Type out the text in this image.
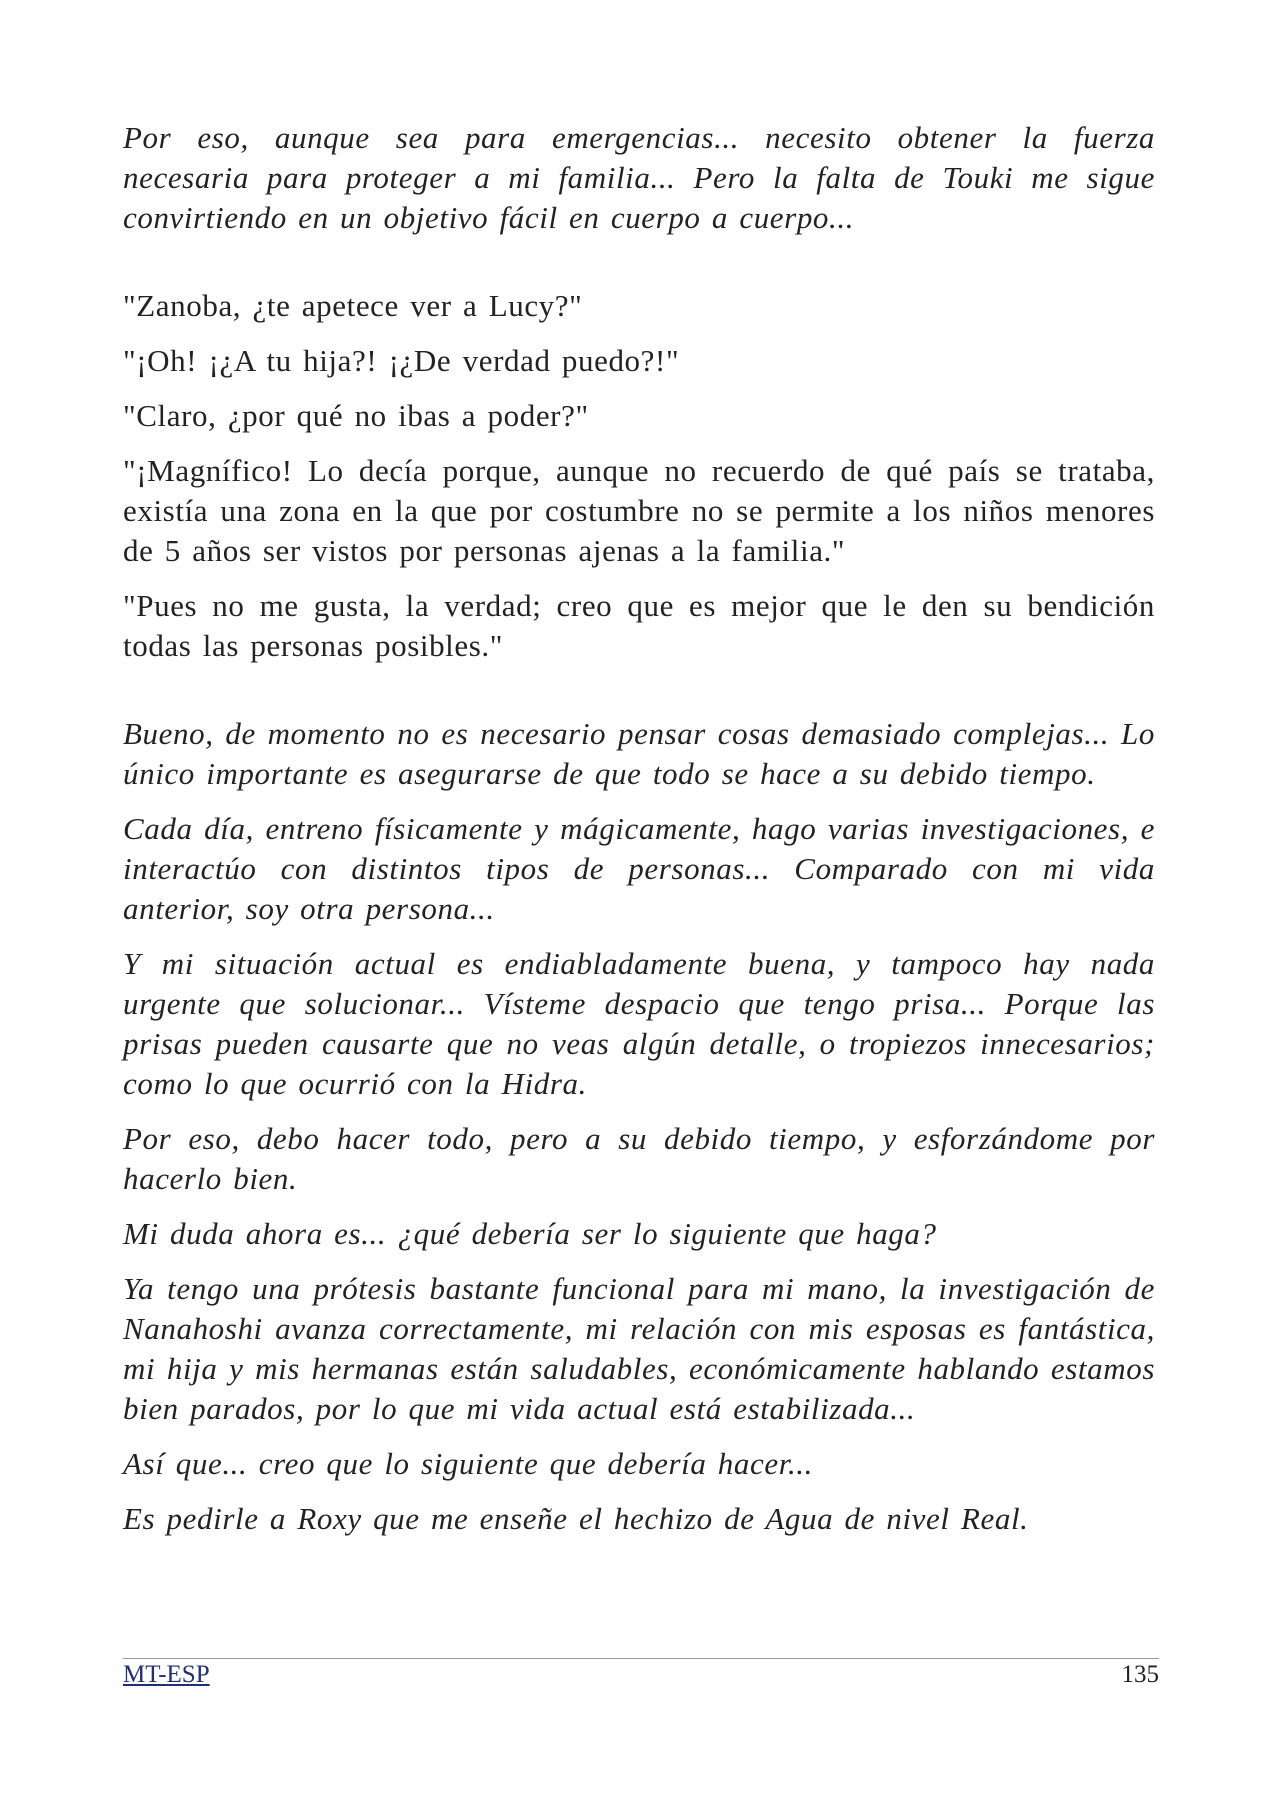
Por eso, aunque sea para emergencias... necesito obtener la fuerza necesaria para proteger a mi familia... Pero la falta de Touki me sigue convirtiendo en un objetivo fácil en cuerpo a cuerpo...

"Zanoba, ¿te apetece ver a Lucy?"

"¡Oh! ¡¿A tu hija?! ¡¿De verdad puedo?!"

"Claro, ¿por qué no ibas a poder?"

"¡Magnífico! Lo decía porque, aunque no recuerdo de qué país se trataba, existía una zona en la que por costumbre no se permite a los niños menores de 5 años ser vistos por personas ajenas a la familia."

"Pues no me gusta, la verdad; creo que es mejor que le den su bendición todas las personas posibles."

Bueno, de momento no es necesario pensar cosas demasiado complejas... Lo único importante es asegurarse de que todo se hace a su debido tiempo.

Cada día, entreno físicamente y mágicamente, hago varias investigaciones, e interactúo con distintos tipos de personas... Comparado con mi vida anterior, soy otra persona...

Y mi situación actual es endiabladamente buena, y tampoco hay nada urgente que solucionar... Vísteme despacio que tengo prisa... Porque las prisas pueden causarte que no veas algún detalle, o tropiezos innecesarios; como lo que ocurrió con la Hidra.

Por eso, debo hacer todo, pero a su debido tiempo, y esforzándome por hacerlo bien.

Mi duda ahora es... ¿qué debería ser lo siguiente que haga?

Ya tengo una prótesis bastante funcional para mi mano, la investigación de Nanahoshi avanza correctamente, mi relación con mis esposas es fantástica, mi hija y mis hermanas están saludables, económicamente hablando estamos bien parados, por lo que mi vida actual está estabilizada...

Así que... creo que lo siguiente que debería hacer...

Es pedirle a Roxy que me enseñe el hechizo de Agua de nivel Real.

MT-ESP	135
